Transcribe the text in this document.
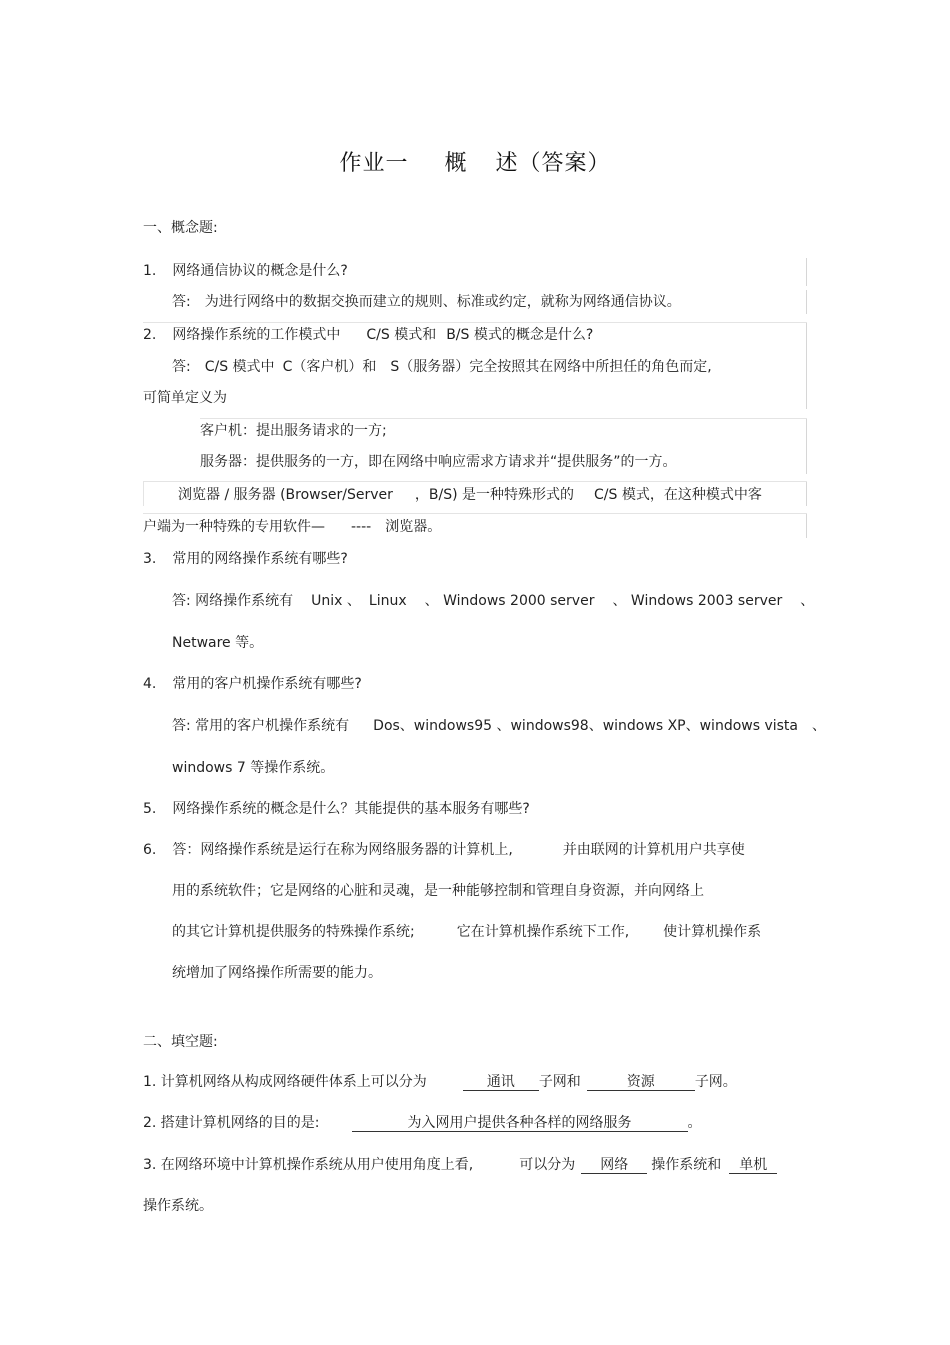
作业一 概 述（答案）
一、概念题:
1. 网络通信协议的概念是什么?
答: 为进行网络中的数据交换而建立的规则、标准或约定，就称为网络通信协议。
2. 网络操作系统的工作模式中 C/S 模式和 B/S 模式的概念是什么?
答: C/S 模式中 C（客户机）和 S（服务器）完全按照其在网络中所担任的角色而定,
可简单定义为
客户机：提出服务请求的一方;
服务器：提供服务的一方，即在网络中响应需求方请求并“提供服务”的一方。
浏览器 / 服务器 (Browser/Server ，B/S) 是一种特殊形式的 C/S 模式，在这种模式中客
户端为一种特殊的专用软件— ---- 浏览器。
3. 常用的网络操作系统有哪些?
答: 网络操作系统有 Unix 、 Linux 、 Windows 2000 server 、 Windows 2003 server 、
Netware 等。
4. 常用的客户机操作系统有哪些?
答: 常用的客户机操作系统有 Dos、windows95 、windows98、windows XP、windows vista 、
windows 7 等操作系统。
5. 网络操作系统的概念是什么？其能提供的基本服务有哪些?
6. 答：网络操作系统是运行在称为网络服务器的计算机上,	并由联网的计算机用户共享使
用的系统软件；它是网络的心脏和灵魂，是一种能够控制和管理自身资源，并向网络上
的其它计算机提供服务的特殊操作系统;	它在计算机操作系统下工作, 使计算机操作系
统增加了网络操作所需要的能力。
二、填空题:
1. 计算机网络从构成网络硬件体系上可以分为	通讯 子网和	资源	子网。
2. 搭建计算机网络的目的是:	为入网用户提供各种各样的网络服务	。
3. 在网络环境中计算机操作系统从用户使用角度上看,	可以分为 网络 操作系统和 单机
操作系统。
